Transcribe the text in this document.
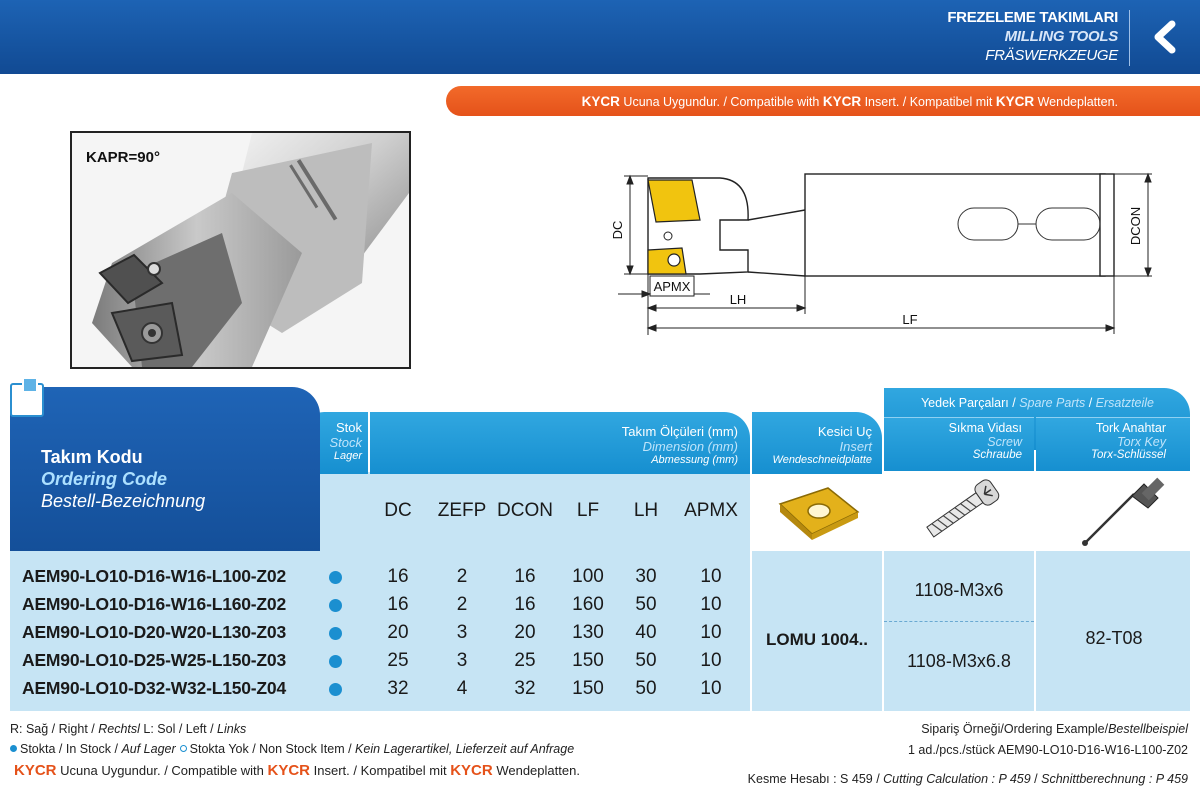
FREZELEME TAKIMLARI
MILLING TOOLS
FRÄSWERKZEUGE
KYCR Ucuna Uygundur. / Compatible with KYCR Insert. / Kompatibel mit KYCR Wendeplatten.
KAPR=90°
DC	DCON
APMX
LH
LF
Yedek Parçaları / Spare Parts / Ersatzteile
Sıkma Vidası
Screw
Schraube
Tork Anahtar
Torx Key
Torx-Schlüssel
Stok
Stock
Lager
Takım Ölçüleri (mm)
Dimension (mm)
Abmessung (mm)
Kesici Uç
Insert
Wendeschneidplatte
Takım Kodu
Ordering Code
Bestell-Bezeichnung	DC	ZEFP DCON	LF	LH	APMX
AEM90-LO10-D16-W16-L100-Z02	16	2	16	100	30	10
AEM90-LO10-D16-W16-L160-Z02	16	2	16	160	50	10
AEM90-LO10-D20-W20-L130-Z03	20	3	20	130	40	10
AEM90-LO10-D25-W25-L150-Z03	25	3	25	150	50	10
AEM90-LO10-D32-W32-L150-Z04	32	4	32	150	50	10
LOMU 1004..
1108-M3x6
1108-M3x6.8
82-T08
R: Sağ / Right / Rechtsl L: Sol / Left / Links
Stokta / In Stock / Auf Lager Stokta Yok / Non Stock Item / Kein Lagerartikel, Lieferzeit auf Anfrage
KYCR Ucuna Uygundur. / Compatible with KYCR Insert. / Kompatibel mit KYCR Wendeplatten.
Sipariş Örneği/Ordering Example/Bestellbeispiel
1 ad./pcs./stück AEM90-LO10-D16-W16-L100-Z02
Kesme Hesabı : S 459 / Cutting Calculation : P 459 / Schnittberechnung : P 459
